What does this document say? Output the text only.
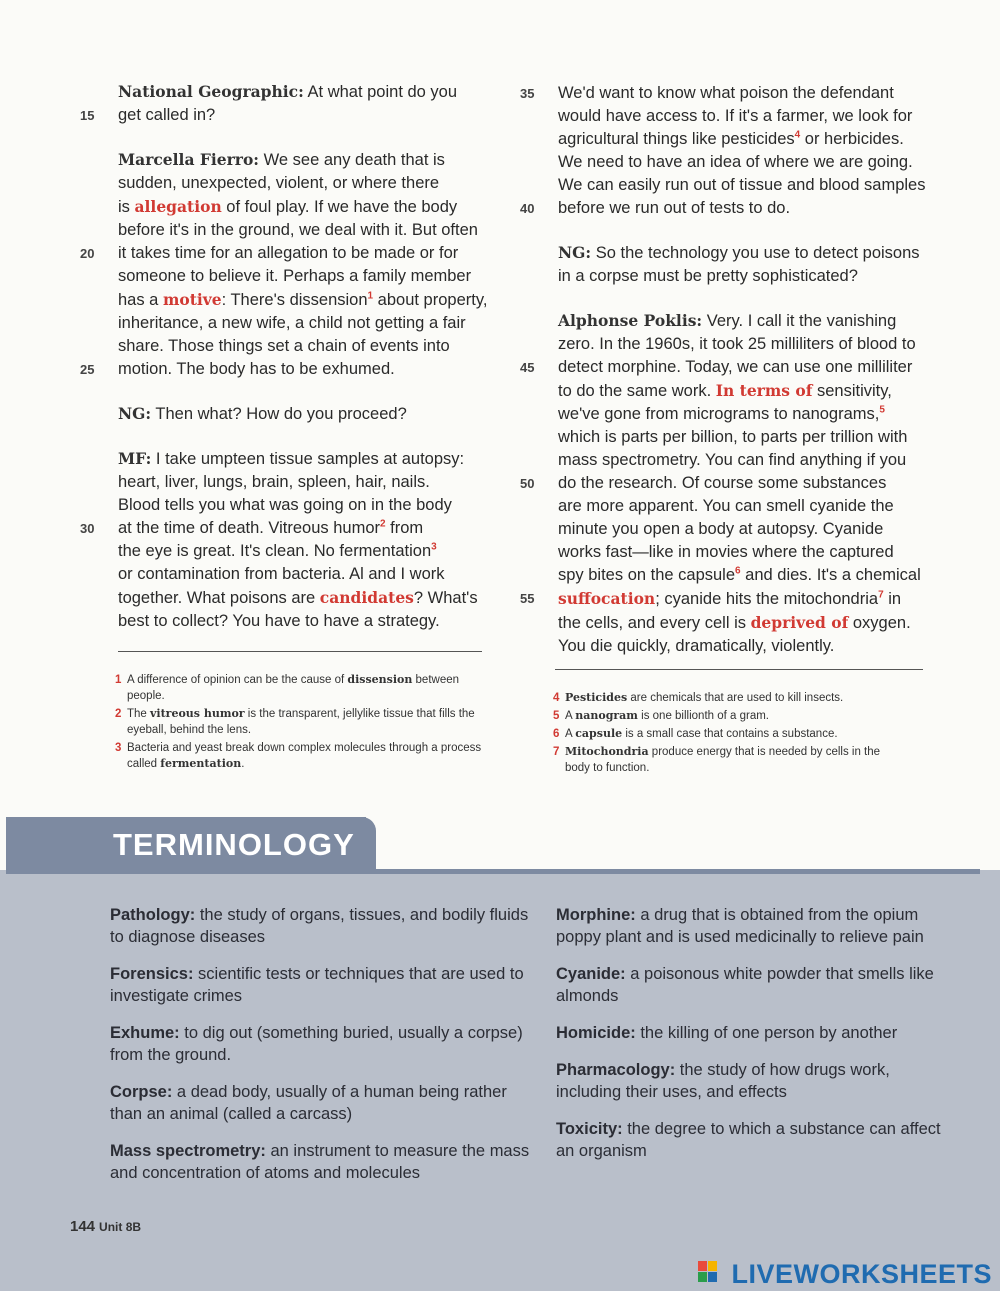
National Geographic: At what point do you
15 get called in?
Marcella Fierro: We see any death that is
sudden, unexpected, violent, or where there
is allegation of foul play. If we have the body
before it's in the ground, we deal with it. But often
20 it takes time for an allegation to be made or for
someone to believe it. Perhaps a family member
has a motive: There's dissension$^1$ about property,
inheritance, a new wife, a child not getting a fair
share. Those things set a chain of events into
25 motion. The body has to be exhumed.
NG: Then what? How do you proceed?
MF: I take umpteen tissue samples at autopsy:
heart, liver, lungs, brain, spleen, hair, nails.
Blood tells you what was going on in the body
30 at the time of death. Vitreous humor$^2$ from
the eye is great. It's clean. No fermentation$^3$
or contamination from bacteria. Al and I work
together. What poisons are candidates? What's
best to collect? You have to have a strategy.
35 We'd want to know what poison the defendant
would have access to. If it's a farmer, we look for
agricultural things like pesticides$^4$ or herbicides.
We need to have an idea of where we are going.
We can easily run out of tissue and blood samples
40 before we run out of tests to do.
NG: So the technology you use to detect poisons
in a corpse must be pretty sophisticated?
Alphonse Poklis: Very. I call it the vanishing
zero. In the 1960s, it took 25 milliliters of blood to
45 detect morphine. Today, we can use one milliliter
to do the same work. In terms of sensitivity,
we've gone from micrograms to nanograms,$^5$
which is parts per billion, to parts per trillion with
mass spectrometry. You can find anything if you
50 do the research. Of course some substances
are more apparent. You can smell cyanide the
minute you open a body at autopsy. Cyanide
works fast—like in movies where the captured
spy bites on the capsule$^6$ and dies. It's a chemical
55 suffocation; cyanide hits the mitochondria$^7$ in
the cells, and every cell is deprived of oxygen.
You die quickly, dramatically, violently.
1 A difference of opinion can be the cause of dissension between people.
2 The vitreous humor is the transparent, jellylike tissue that fills the eyeball, behind the lens.
3 Bacteria and yeast break down complex molecules through a process called fermentation.
4 Pesticides are chemicals that are used to kill insects.
5 A nanogram is one billionth of a gram.
6 A capsule is a small case that contains a substance.
7 Mitochondria produce energy that is needed by cells in the body to function.
TERMINOLOGY
Pathology: the study of organs, tissues, and bodily fluids to diagnose diseases
Forensics: scientific tests or techniques that are used to investigate crimes
Exhume: to dig out (something buried, usually a corpse) from the ground.
Corpse: a dead body, usually of a human being rather than an animal (called a carcass)
Mass spectrometry: an instrument to measure the mass and concentration of atoms and molecules
Morphine: a drug that is obtained from the opium poppy plant and is used medicinally to relieve pain
Cyanide: a poisonous white powder that smells like almonds
Homicide: the killing of one person by another
Pharmacology: the study of how drugs work, including their uses, and effects
Toxicity: the degree to which a substance can affect an organism
144 Unit 8B
LIVEWORKSHEETS
